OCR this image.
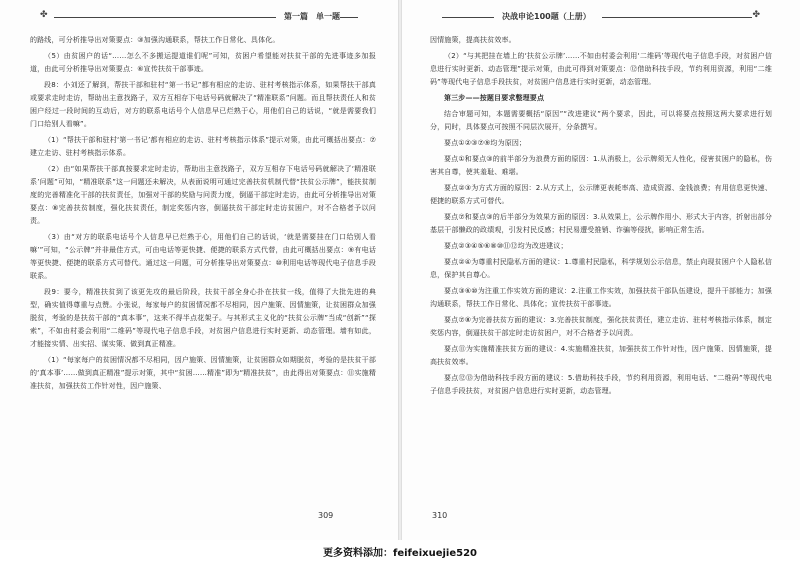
✤	第一篇　单一题

的路线，可分析推导出对策要点：③加强沟通联系，帮扶工作日常化、具体化。

（5）由贫困户的话“……怎么不多搬运提道谁们呢”可知，贫困户希望能对扶贫干部的先进事迹多加报道，由此可分析推导出对策要点：⑥宣传扶贫干部事迹。

段8：小刘还了解到，帮扶干部和驻村“第一书记”都有相应的走访、驻村考核指示体系，如果帮扶干部真或要求走时走访，帮助出主意找路子，双方互相存下电话号码就解决了“精准联系”问题。而且帮扶责任人和贫困户经过一段时间的互动后，对方的联系电话号个人信息早已烂熟于心，用他们自己的话说，“就是需要我们门口给别人看嘛”。

（1）“帮扶干部和驻村‘第一书记’都有相应的走访、驻村考核指示体系”提示对策，由此可概括出要点：⑦建立走访、驻村考核指示体系。

（2）由“如果帮扶干部真按要求定时走访，帮助出主意找路子，双方互相存下电话号码就解决了‘精准联系’问题”可知，“精准联系”这一问题还未解决，从表面说明可通过完善扶贫机制代替“扶贫公示牌”，能扶贫制度的完善精准化干部的扶贫责任，加强对干部的奖励与问责力度，倒逼干部定时走访，由此可分析推导出对策要点：⑧完善扶贫制度，强化扶贫责任，制定奖惩内容，倒逼扶贫干部定时走访贫困户，对不合格者予以问责。

（3）由“对方的联系电话号个人信息早已烂熟于心，用他们自己的话说，‘就是需要挂在门口给别人看嘛’”可知，“公示牌”并非最佳方式，可由电话等更快捷、便捷的联系方式代替，由此可概括出要点：⑨有电话等更快捷、便捷的联系方式可替代。通过这一问题，可分析推导出对策要点：⑩利用电话等现代电子信息手段联系。

段9：要今，精准扶贫到了该更先攻的最后阶段，扶贫干部全身心扑在扶贫一线，值得了大批先进的典型，确实值得尊重与点赞。小张说，每家每户的贫困情况都不尽相同，因户施策、因情施策，让贫困群众加强脱贫，考验的是扶贫干部的“真本事”，这来不得半点花架子。与其形式主义化的“扶贫公示牌”当成“创新”“探索”，不如由村委会利用“二维码”等现代电子信息手段，对贫困户信息进行实时更新、动态管理。墙有如此，才能接实情、出实招、谋实策、做到真正精准。

（1）“每家每户的贫困情况都不尽相同，因户施策、因情施策，让贫困群众如期脱贫，考验的是扶贫干部的‘真本事’……做到真正精准”提示对策，其中“贫困……精准”即为“精准扶贫”，由此得出对策要点：⑪实施精准扶贫，加强扶贫工作针对性，因户施策、

309
决战申论100题（上册）	✤

因情施策，提高扶贫效率。

（2）“与其把挂在墙上的‘扶贫公示牌’……不如由村委会利用‘二维码’等现代电子信息手段，对贫困户信息进行实时更新、动态管理”提示对策，由此可得到对策要点：⑫借助科技手段，节约利用资源，利用“二维码”等现代电子信息手段扶贫，对贫困户信息进行实时更新，动态管理。

第三步——按题目要求整理要点

结合审题可知，本题需要概括“原因”“改进建议”两个要求，因此，可以将要点按照这两大要求进行划分，同时，具体要点可按照不同层次展开，分条撰写。

要点①②③⑦⑨均为原因；

要点①和要点③的前半部分为浪费方面的原因：1.从消极上，公示牌须无人性化，侵害贫困户的隐私，伤害其自尊，使其羞耻、难堪。

要点②③为方式方面的原因：2.从方式上，公示牌更表耗率高、造成资源、金钱浪费；有用信息更快速、便捷的联系方式可替代。

要点⑦和要点③的后半部分为效果方面的原因：3.从效果上，公示牌作用小、形式大于内容，折射出部分基层干部懒政的政绩观，引发村民反感；村民易遭受推销、诈骗等侵扰，影响正常生活。

要点②③④⑤⑥⑧⑩⑪⑫均为改进建议；

要点②④为尊重村民隐私方面的建议：1.尊重村民隐私，科学规划公示信息，禁止向现贫困户个人隐私信息，保护其自尊心。

要点③⑥⑩为注重工作实效方面的建议：2.注重工作实效，加强扶贫干部队伍建设，提升干部能力；加强沟通联系，帮扶工作日常化、具体化；宣传扶贫干部事迹。

要点⑦⑧为完善扶贫方面的建议：3.完善扶贫制度，强化扶贫责任，建立走访、驻村考核指示体系，制定奖惩内容，倒逼扶贫干部定时走访贫困户，对不合格者予以问责。

要点⑪为实施精准扶贫方面的建议：4.实施精准扶贫，加强扶贫工作针对性，因户施策、因情施策，提高扶贫效率。

要点⑫⑬为借助科技手段方面的建议：5.借助科技手段，节约利用资源，利用电话、“二维码”等现代电子信息手段扶贫，对贫困户信息进行实时更新，动态管理。

310
更多资料添加：feifeixuejie520
